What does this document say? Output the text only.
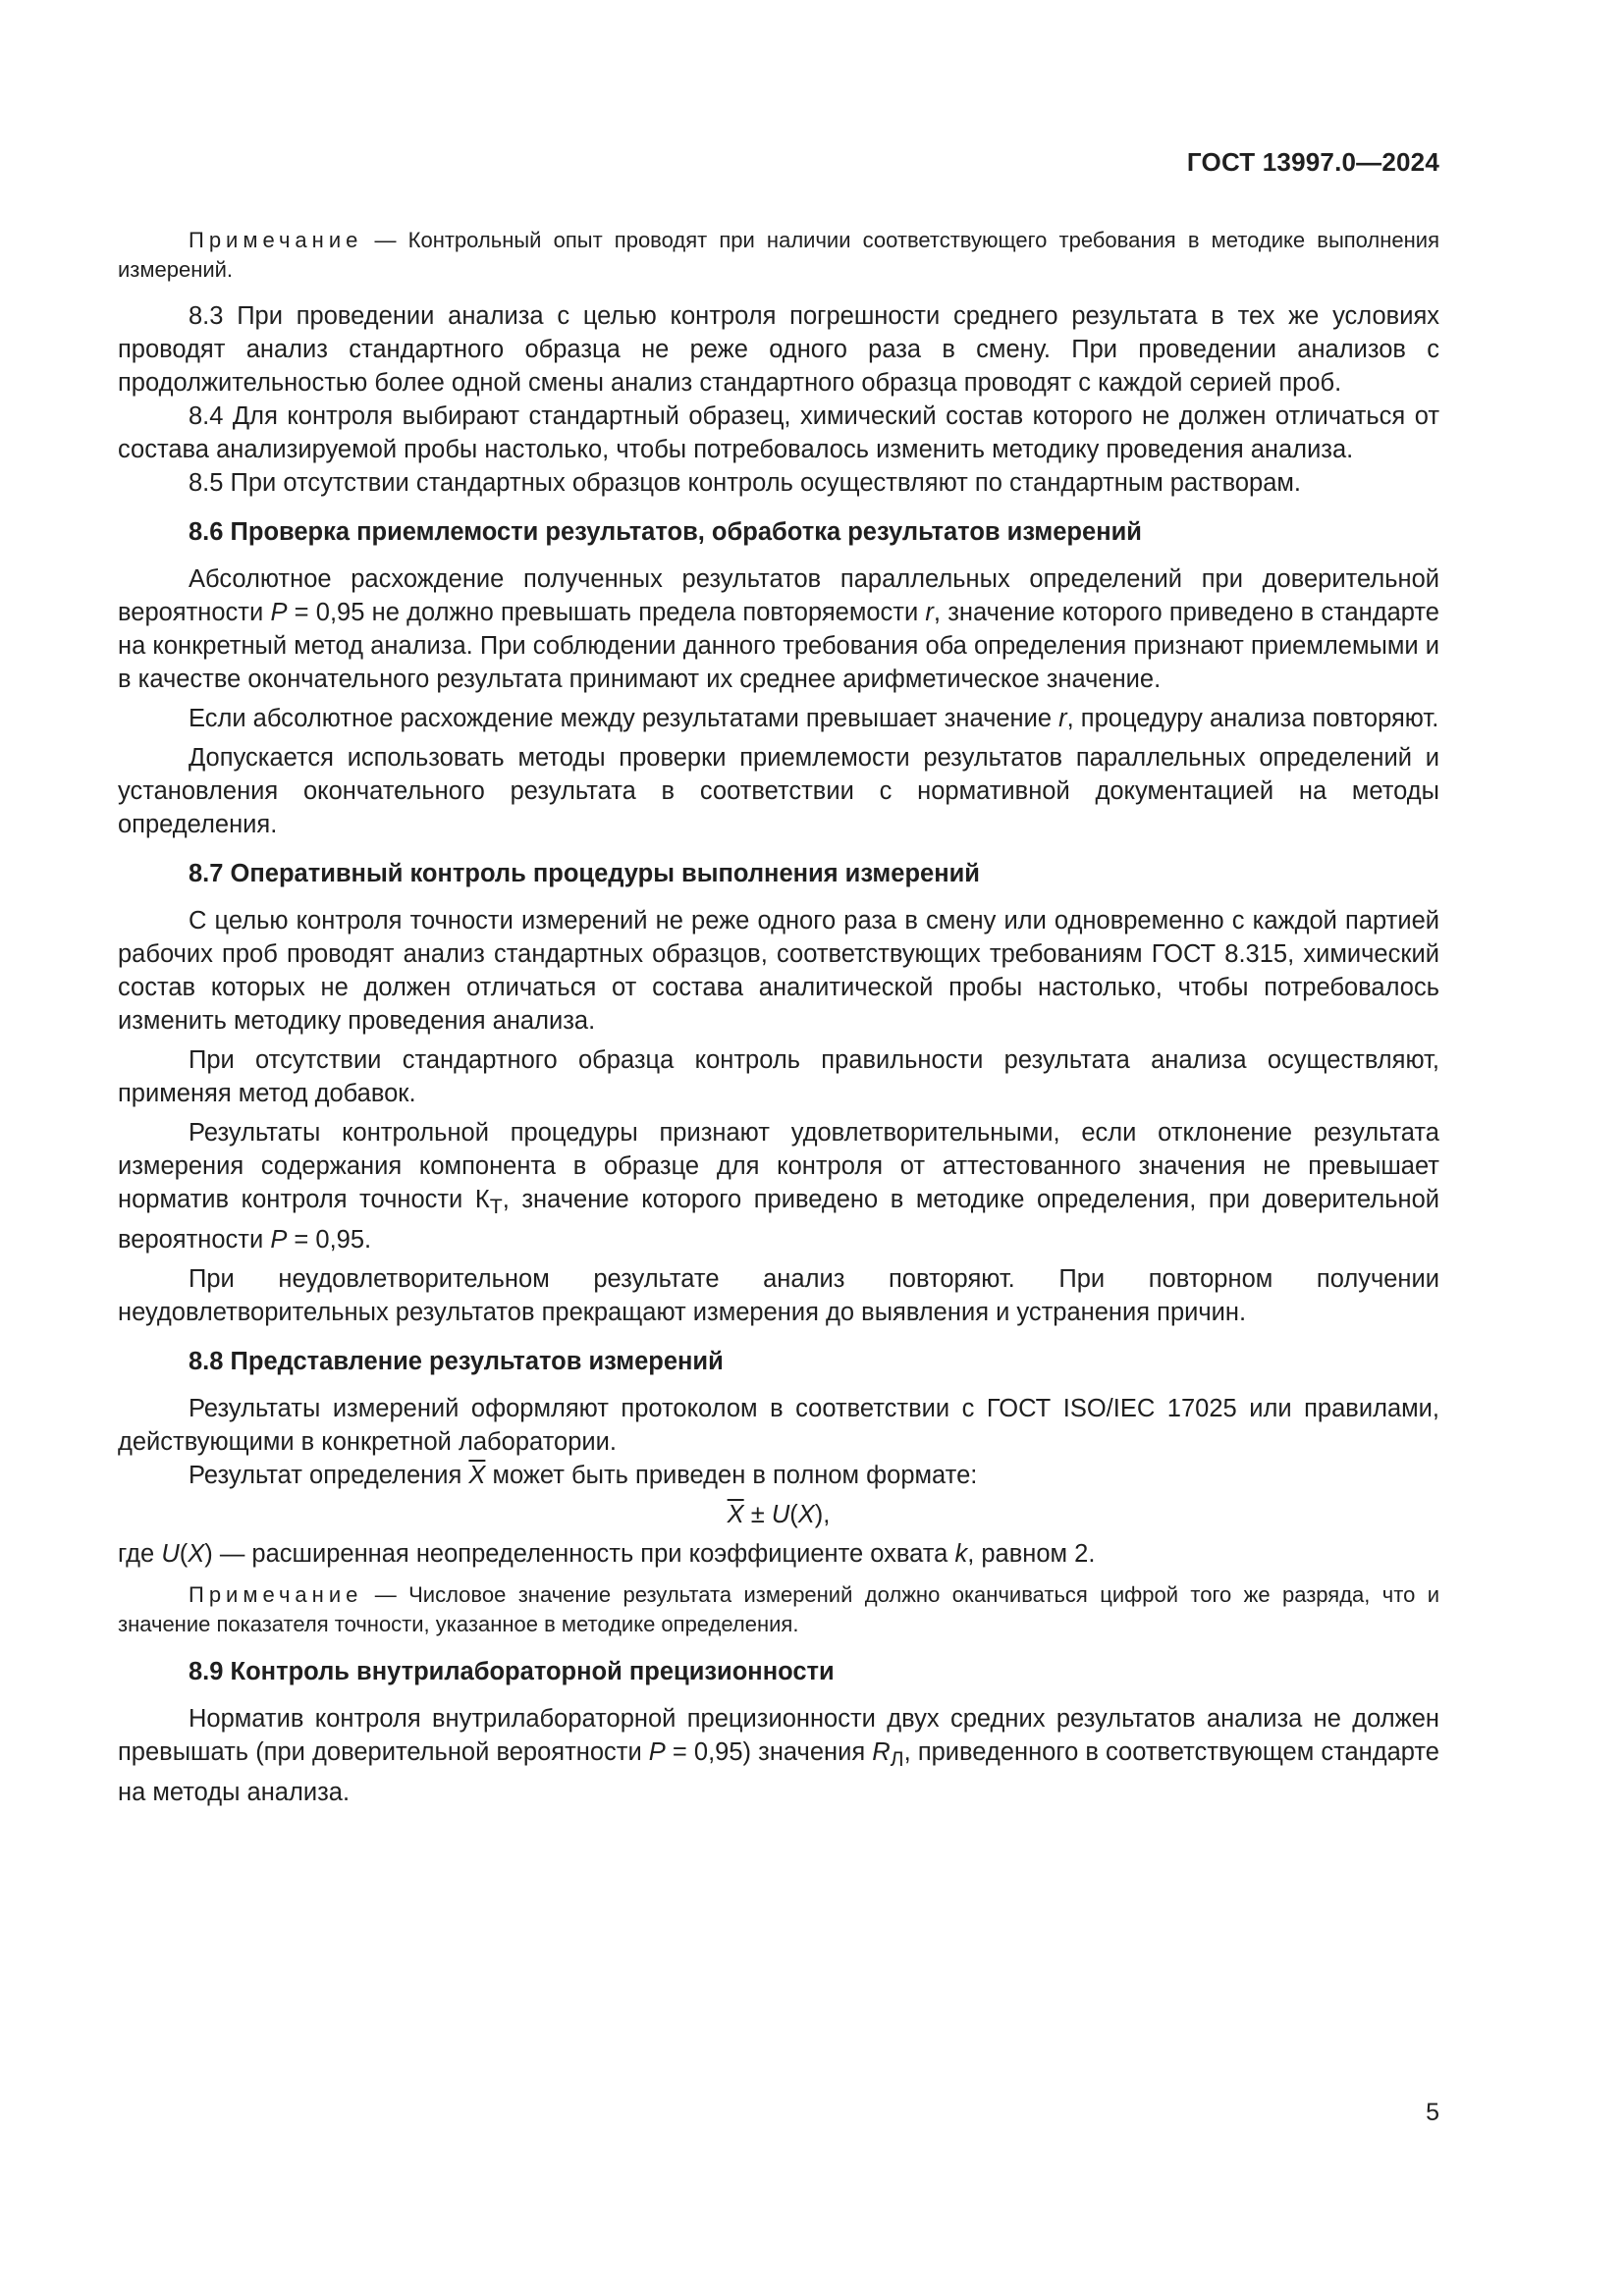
ГОСТ 13997.0—2024

Примечание — Контрольный опыт проводят при наличии соответствующего требования в методике выполнения измерений.

8.3 При проведении анализа с целью контроля погрешности среднего результата в тех же условиях проводят анализ стандартного образца не реже одного раза в смену. При проведении анализов с продолжительностью более одной смены анализ стандартного образца проводят с каждой серией проб.

8.4 Для контроля выбирают стандартный образец, химический состав которого не должен отличаться от состава анализируемой пробы настолько, чтобы потребовалось изменить методику проведения анализа.

8.5 При отсутствии стандартных образцов контроль осуществляют по стандартным растворам.

8.6 Проверка приемлемости результатов, обработка результатов измерений

Абсолютное расхождение полученных результатов параллельных определений при доверительной вероятности P = 0,95 не должно превышать предела повторяемости r, значение которого приведено в стандарте на конкретный метод анализа. При соблюдении данного требования оба определения признают приемлемыми и в качестве окончательного результата принимают их среднее арифметическое значение.

Если абсолютное расхождение между результатами превышает значение r, процедуру анализа повторяют.

Допускается использовать методы проверки приемлемости результатов параллельных определений и установления окончательного результата в соответствии с нормативной документацией на методы определения.

8.7 Оперативный контроль процедуры выполнения измерений

С целью контроля точности измерений не реже одного раза в смену или одновременно с каждой партией рабочих проб проводят анализ стандартных образцов, соответствующих требованиям ГОСТ 8.315, химический состав которых не должен отличаться от состава аналитической пробы настолько, чтобы потребовалось изменить методику проведения анализа.

При отсутствии стандартного образца контроль правильности результата анализа осуществляют, применяя метод добавок.

Результаты контрольной процедуры признают удовлетворительными, если отклонение результата измерения содержания компонента в образце для контроля от аттестованного значения не превышает норматив контроля точности $К_Т$, значение которого приведено в методике определения, при доверительной вероятности P = 0,95.

При неудовлетворительном результате анализ повторяют. При повторном получении неудовлетворительных результатов прекращают измерения до выявления и устранения причин.

8.8 Представление результатов измерений

Результаты измерений оформляют протоколом в соответствии с ГОСТ ISO/IEC 17025 или правилами, действующими в конкретной лаборатории.

Результат определения $\overline{X}$ может быть приведен в полном формате:

$\overline{X} \pm U(X)$,

где U(X) — расширенная неопределенность при коэффициенте охвата k, равном 2.

Примечание — Числовое значение результата измерений должно оканчиваться цифрой того же разряда, что и значение показателя точности, указанное в методике определения.

8.9 Контроль внутрилабораторной прецизионности

Норматив контроля внутрилабораторной прецизионности двух средних результатов анализа не должен превышать (при доверительной вероятности P = 0,95) значения $R_Л$, приведенного в соответствующем стандарте на методы анализа.

5
